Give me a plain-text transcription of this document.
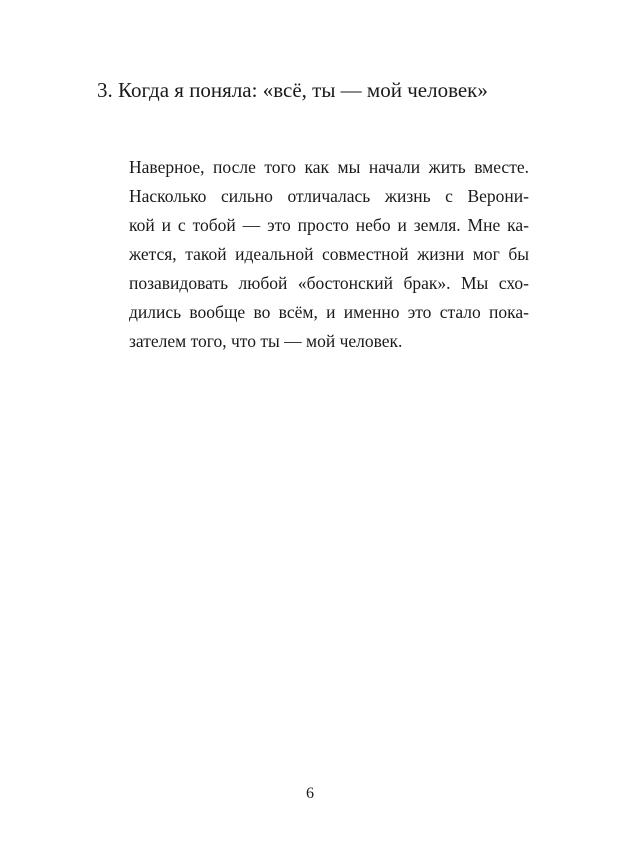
3. Когда я поняла: «всё, ты — мой человек»
Наверное, после того как мы начали жить вместе.
Насколько сильно отличалась жизнь с Верони-
кой и с тобой — это просто небо и земля. Мне ка-
жется, такой идеальной совместной жизни мог бы
позавидовать любой «бостонский брак». Мы схо-
дились вообще во всём, и именно это стало пока-
зателем того, что ты — мой человек.
6
